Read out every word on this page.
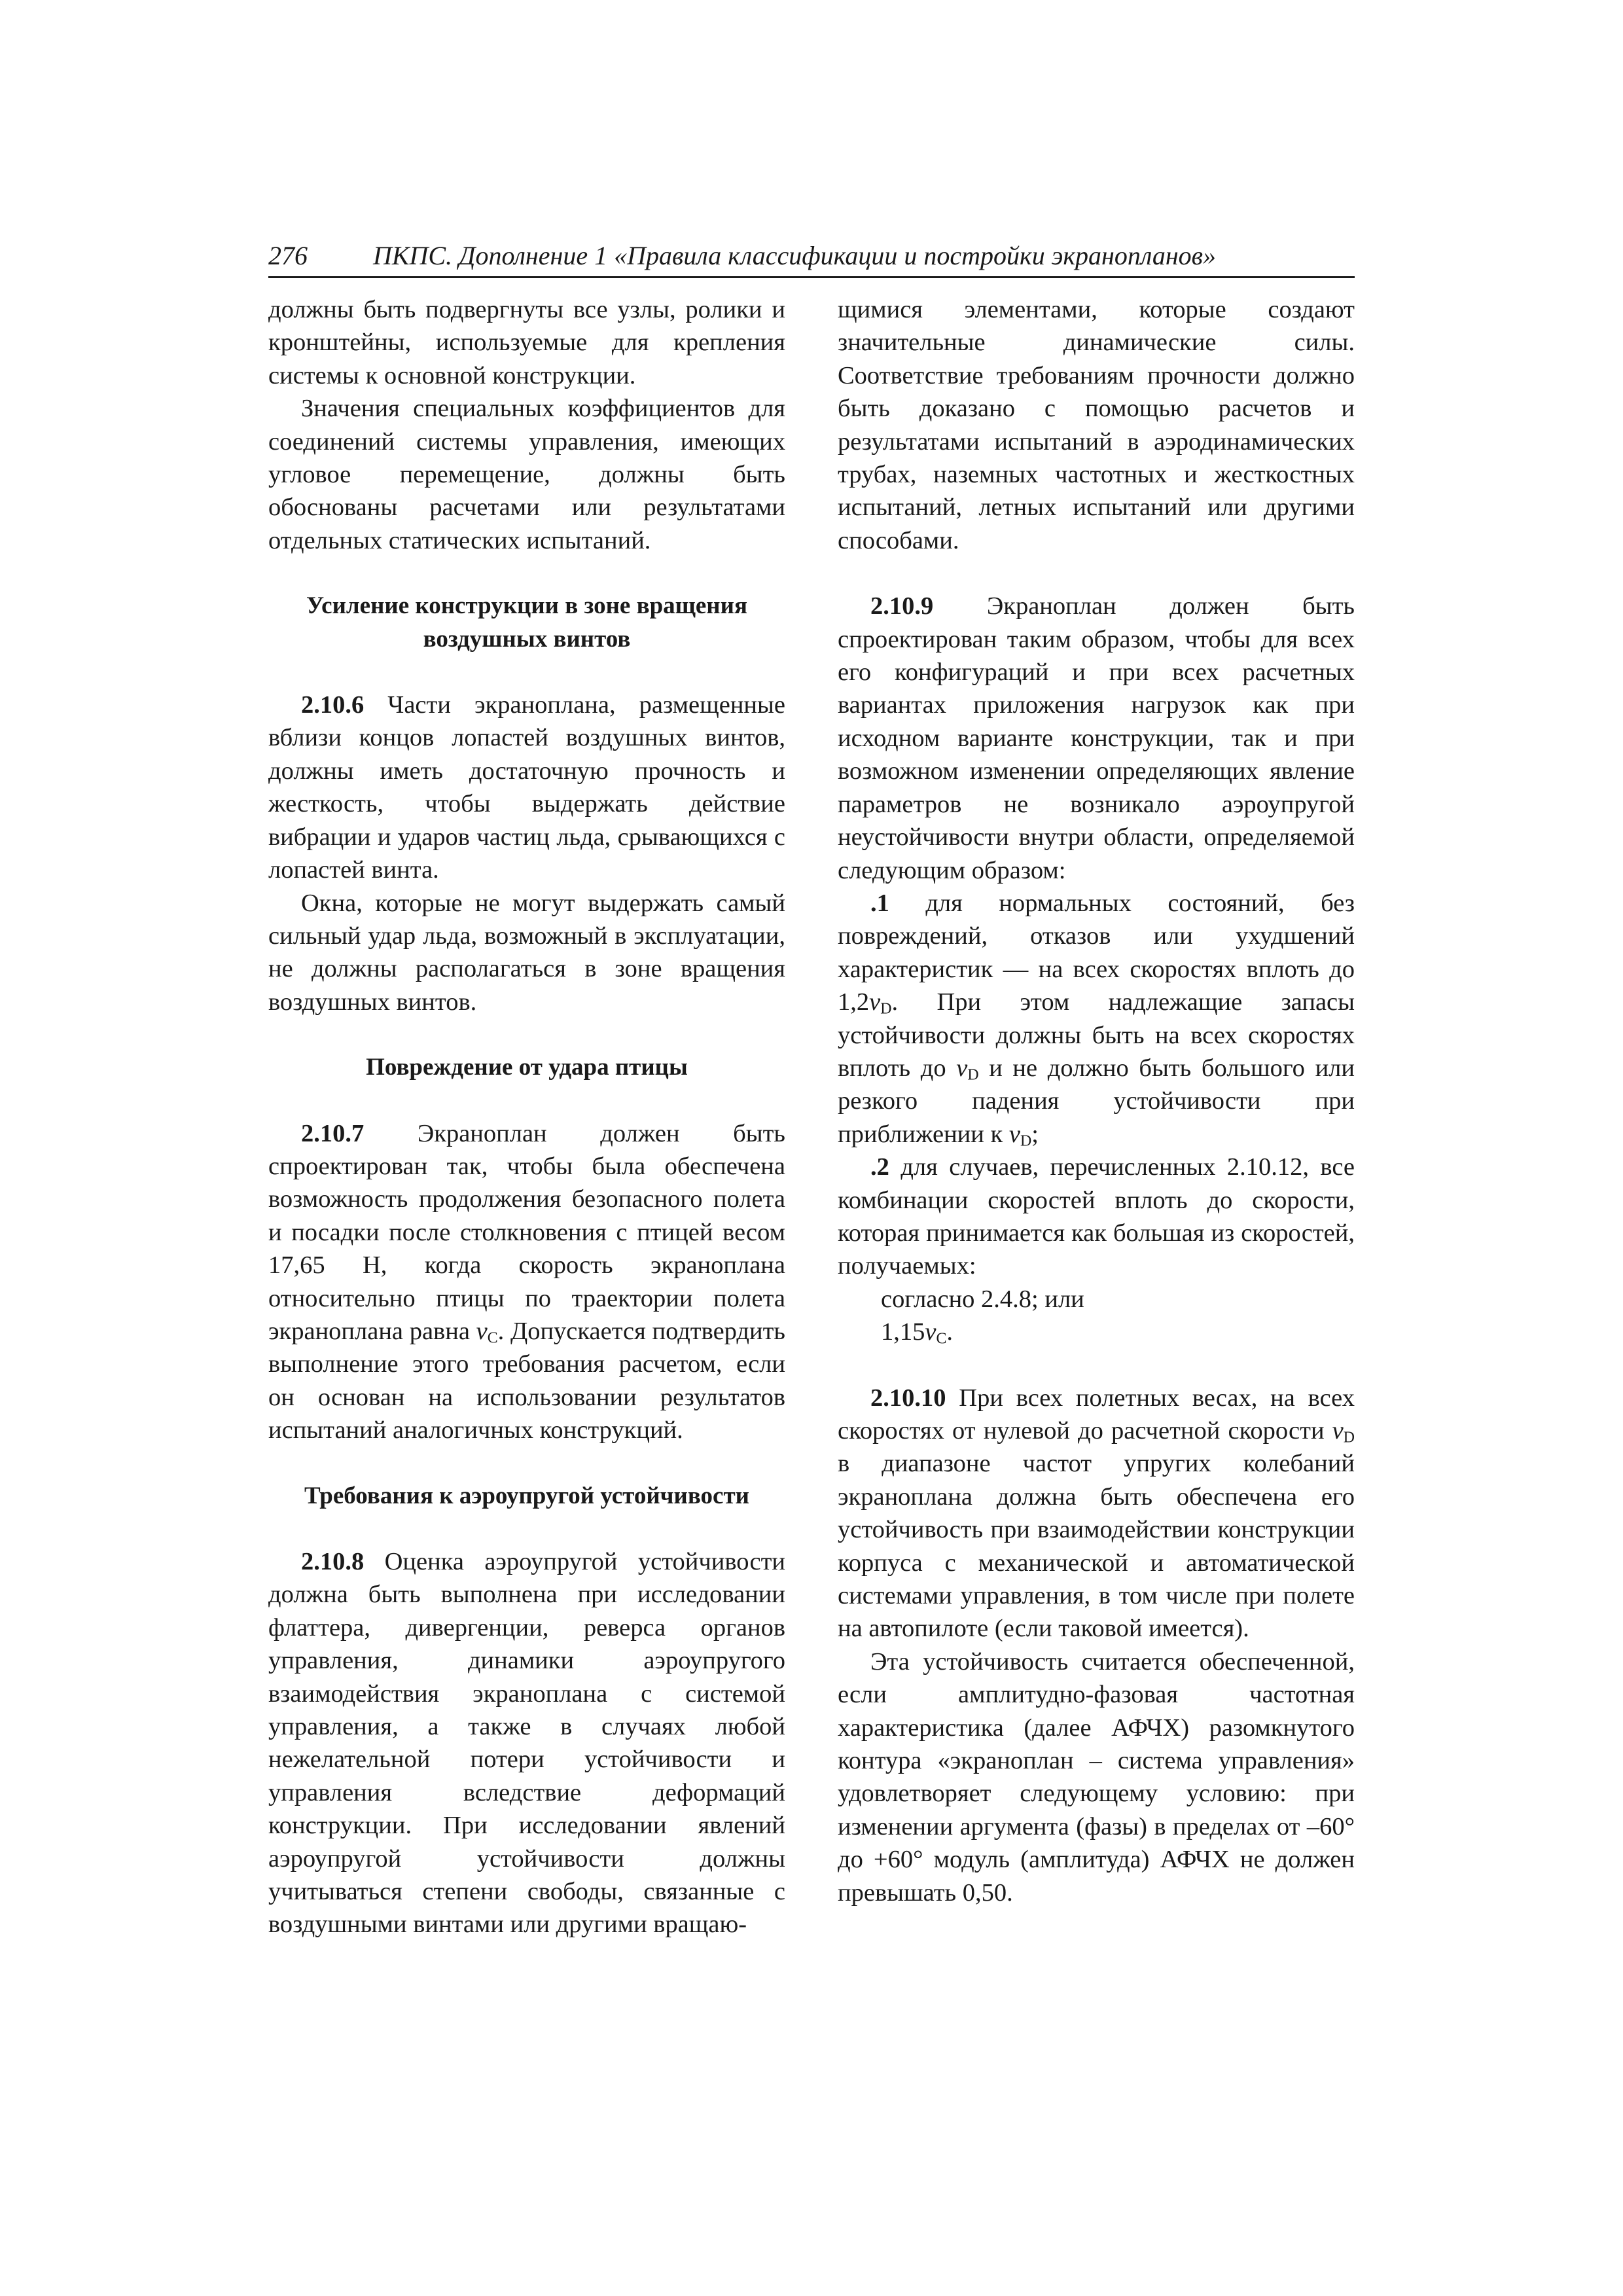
276	ПКПС. Дополнение 1 «Правила классификации и постройки экранопланов»

должны быть подвергнуты все узлы, ролики и кронштейны, используемые для крепления системы к основной конструкции.

Значения специальных коэффициентов для соединений системы управления, имеющих угловое перемещение, должны быть обоснованы расчетами или результатами отдельных статических испытаний.

Усиление конструкции в зоне вращения воздушных винтов

2.10.6 Части экраноплана, размещенные вблизи концов лопастей воздушных винтов, должны иметь достаточную прочность и жесткость, чтобы выдержать действие вибрации и ударов частиц льда, срывающихся с лопастей винта.

Окна, которые не могут выдержать самый сильный удар льда, возможный в эксплуатации, не должны располагаться в зоне вращения воздушных винтов.

Повреждение от удара птицы

2.10.7 Экраноплан должен быть спроектирован так, чтобы была обеспечена возможность продолжения безопасного полета и посадки после столкновения с птицей весом 17,65 Н, когда скорость экраноплана относительно птицы по траектории полета экраноплана равна $v_C$. Допускается подтвердить выполнение этого требования расчетом, если он основан на использовании результатов испытаний аналогичных конструкций.

Требования к аэроупругой устойчивости

2.10.8 Оценка аэроупругой устойчивости должна быть выполнена при исследовании флаттера, дивергенции, реверса органов управления, динамики аэроупругого взаимодействия экраноплана с системой управления, а также в случаях любой нежелательной потери устойчивости и управления вследствие деформаций конструкции. При исследовании явлений аэроупругой устойчивости должны учитываться степени свободы, связанные с воздушными винтами или другими вращаю-

щимися элементами, которые создают значительные динамические силы. Соответствие требованиям прочности должно быть доказано с помощью расчетов и результатами испытаний в аэродинамических трубах, наземных частотных и жесткостных испытаний, летных испытаний или другими способами.

2.10.9 Экраноплан должен быть спроектирован таким образом, чтобы для всех его конфигураций и при всех расчетных вариантах приложения нагрузок как при исходном варианте конструкции, так и при возможном изменении определяющих явление параметров не возникало аэроупругой неустойчивости внутри области, определяемой следующим образом:

.1 для нормальных состояний, без повреждений, отказов или ухудшений характеристик — на всех скоростях вплоть до $1,2v_D$. При этом надлежащие запасы устойчивости должны быть на всех скоростях вплоть до $v_D$ и не должно быть большого или резкого падения устойчивости при приближении к $v_D$;

.2 для случаев, перечисленных 2.10.12, все комбинации скоростей вплоть до скорости, которая принимается как большая из скоростей, получаемых:

согласно 2.4.8; или

$1,15v_C$.

2.10.10 При всех полетных весах, на всех скоростях от нулевой до расчетной скорости $v_D$ в диапазоне частот упругих колебаний экраноплана должна быть обеспечена его устойчивость при взаимодействии конструкции корпуса с механической и автоматической системами управления, в том числе при полете на автопилоте (если таковой имеется).

Эта устойчивость считается обеспеченной, если амплитудно-фазовая частотная характеристика (далее АФЧХ) разомкнутого контура «экраноплан – система управления» удовлетворяет следующему условию: при изменении аргумента (фазы) в пределах от –60° до +60° модуль (амплитуда) АФЧХ не должен превышать 0,50.
